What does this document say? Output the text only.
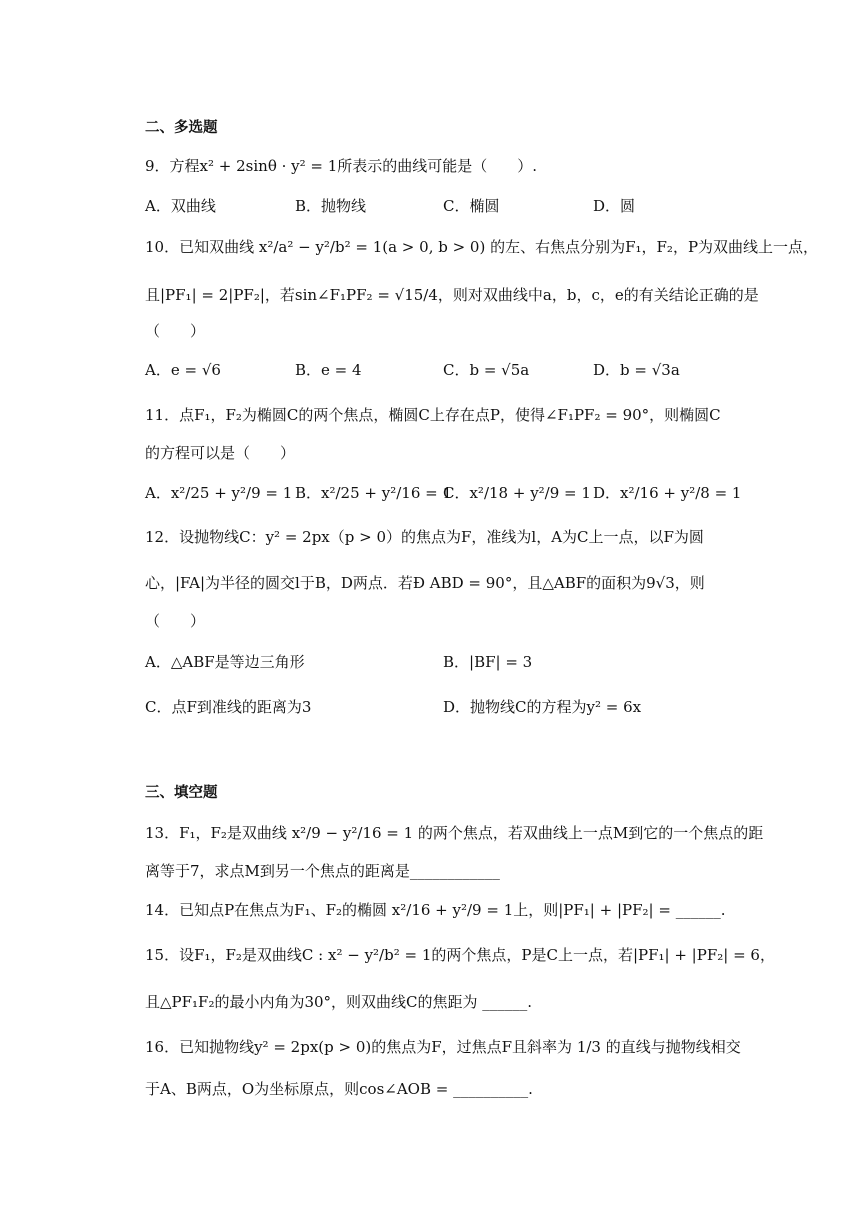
二、多选题
9．方程x² + 2sinθ · y² = 1所表示的曲线可能是（　　）.
A．双曲线	B．抛物线	C．椭圆	D．圆
10．已知双曲线 x²/a² − y²/b² = 1(a > 0, b > 0) 的左、右焦点分别为F₁，F₂，P为双曲线上一点，
且|PF₁| = 2|PF₂|，若sin∠F₁PF₂ = √15/4，则对双曲线中a，b，c，e的有关结论正确的是
（　　）
A．e = √6	B．e = 4	C．b = √5a	D．b = √3a
11．点F₁，F₂为椭圆C的两个焦点，椭圆C上存在点P，使得∠F₁PF₂ = 90°，则椭圆C
的方程可以是（　　）
A．x²/25 + y²/9 = 1 B．x²/25 + y²/16 = 1
C．x²/18 + y²/9 = 1 D．x²/16 + y²/8 = 1
12．设抛物线C：y² = 2px（p > 0）的焦点为F，准线为l，A为C上一点，以F为圆
心，|FA|为半径的圆交l于B，D两点．若Ð ABD = 90°，且△ABF的面积为9√3，则
（　　）
A．△ABF是等边三角形	B．|BF| = 3
C．点F到准线的距离为3	D．抛物线C的方程为y² = 6x
三、填空题
13．F₁，F₂是双曲线 x²/9 − y²/16 = 1 的两个焦点，若双曲线上一点M到它的一个焦点的距
离等于7，求点M到另一个焦点的距离是____________
14．已知点P在焦点为F₁、F₂的椭圆 x²/16 + y²/9 = 1上，则|PF₁| + |PF₂| = ______.
15．设F₁，F₂是双曲线C : x² − y²/b² = 1的两个焦点，P是C上一点，若|PF₁| + |PF₂| = 6，
且△PF₁F₂的最小内角为30°，则双曲线C的焦距为 ______.
16．已知抛物线y² = 2px(p > 0)的焦点为F，过焦点F且斜率为 1/3 的直线与抛物线相交
于A、B两点，O为坐标原点，则cos∠AOB = __________.
